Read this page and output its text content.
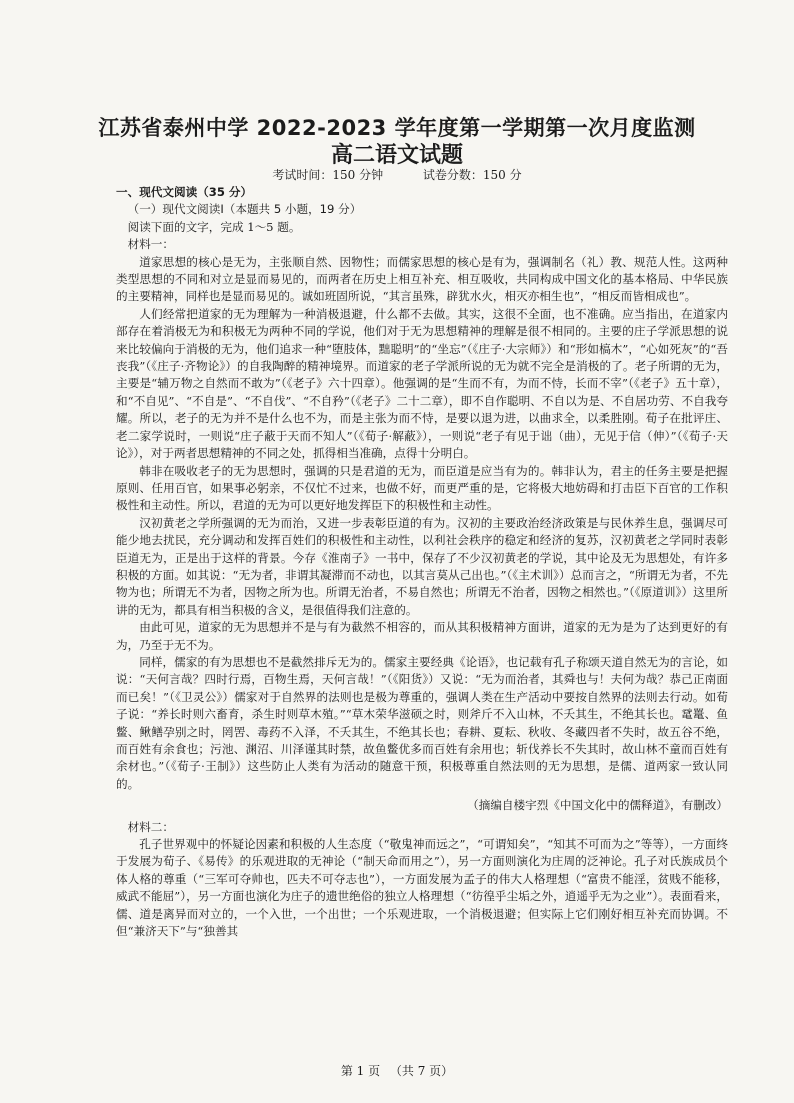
江苏省泰州中学 2022-2023 学年度第一学期第一次月度监测
高二语文试题
考试时间：150 分钟	试卷分数：150 分

一、现代文阅读（35 分）

（一）现代文阅读Ⅰ（本题共 5 小题，19 分）

阅读下面的文字，完成 1～5 题。

材料一：

道家思想的核心是无为，主张顺自然、因物性；而儒家思想的核心是有为，强调制名（礼）教、规范人性。这两种类型思想的不同和对立是显而易见的，而两者在历史上相互补充、相互吸收，共同构成中国文化的基本格局、中华民族的主要精神，同样也是显而易见的。诚如班固所说，“其言虽殊，辟犹水火，相灭亦相生也”，“相反而皆相成也”。

人们经常把道家的无为理解为一种消极退避，什么都不去做。其实，这很不全面，也不准确。应当指出，在道家内部存在着消极无为和积极无为两种不同的学说，他们对于无为思想精神的理解是很不相同的。主要的庄子学派思想的说来比较偏向于消极的无为，他们追求一种“堕肢体，黜聪明”的“坐忘”（《庄子·大宗师》）和“形如槁木”，“心如死灰”的“吾丧我”（《庄子·齐物论》）的自我陶醉的精神境界。而道家的老子学派所说的无为就不完全是消极的了。老子所谓的无为，主要是“辅万物之自然而不敢为”（《老子》六十四章）。他强调的是“生而不有，为而不恃，长而不宰”（《老子》五十章），和“不自见”、“不自是”、“不自伐”、“不自矜”（《老子》二十二章），即不自作聪明、不自以为是、不自居功劳、不自我夸耀。所以，老子的无为并不是什么也不为，而是主张为而不恃，是要以退为进，以曲求全，以柔胜刚。荀子在批评庄、老二家学说时，一则说“庄子蔽于天而不知人”（《荀子·解蔽》），一则说“老子有见于诎（曲），无见于信（伸）”（《荀子·天论》），对于两者思想精神的不同之处，抓得相当准确，点得十分明白。

韩非在吸收老子的无为思想时，强调的只是君道的无为，而臣道是应当有为的。韩非认为，君主的任务主要是把握原则、任用百官，如果事必躬亲，不仅忙不过来，也做不好，而更严重的是，它将极大地妨碍和打击臣下百官的工作积极性和主动性。所以，君道的无为可以更好地发挥臣下的积极性和主动性。

汉初黄老之学所强调的无为而治，又进一步表彰臣道的有为。汉初的主要政治经济政策是与民休养生息，强调尽可能少地去扰民，充分调动和发挥百姓们的积极性和主动性，以利社会秩序的稳定和经济的复苏，汉初黄老之学同时表彰臣道无为，正是出于这样的背景。今存《淮南子》一书中，保存了不少汉初黄老的学说，其中论及无为思想处，有许多积极的方面。如其说：“无为者，非谓其凝滞而不动也，以其言莫从己出也。”（《主术训》）总而言之，“所谓无为者，不先物为也；所谓无不为者，因物之所为也。所谓无治者，不易自然也；所谓无不治者，因物之相然也。”（《原道训》）这里所讲的无为，都具有相当积极的含义，是很值得我们注意的。

由此可见，道家的无为思想并不是与有为截然不相容的，而从其积极精神方面讲，道家的无为是为了达到更好的有为，乃至于无不为。

同样，儒家的有为思想也不是截然排斥无为的。儒家主要经典《论语》，也记载有孔子称颂天道自然无为的言论，如说：“天何言哉？四时行焉，百物生焉，天何言哉！”（《阳货》）又说：“无为而治者，其舜也与！夫何为哉？恭己正南面而已矣！”（《卫灵公》）儒家对于自然界的法则也是极为尊重的，强调人类在生产活动中要按自然界的法则去行动。如荀子说：“养长时则六畜育，杀生时则草木殖。”“草木荣华滋硕之时，则斧斤不入山林，不夭其生，不绝其长也。鼋鼍、鱼鳖、鳅鳝孕别之时，罔罟、毒药不入泽，不夭其生，不绝其长也；春耕、夏耘、秋收、冬藏四者不失时，故五谷不绝，而百姓有余食也；污池、渊沼、川泽谨其时禁，故鱼鳖优多而百姓有余用也；斩伐养长不失其时，故山林不童而百姓有余材也。”（《荀子·王制》）这些防止人类有为活动的随意干预，积极尊重自然法则的无为思想，是儒、道两家一致认同的。

（摘编自楼宇烈《中国文化中的儒释道》，有删改）

材料二：

孔子世界观中的怀疑论因素和积极的人生态度（“敬鬼神而远之”，“可谓知矣”，“知其不可而为之”等等），一方面终于发展为荀子、《易传》的乐观进取的无神论（“制天命而用之”），另一方面则演化为庄周的泛神论。孔子对氏族成员个体人格的尊重（“三军可夺帅也，匹夫不可夺志也”），一方面发展为孟子的伟大人格理想（“富贵不能淫，贫贱不能移，威武不能屈”），另一方面也演化为庄子的遗世绝俗的独立人格理想（“彷徨乎尘垢之外，逍遥乎无为之业”）。表面看来，儒、道是离异而对立的，一个入世，一个出世；一个乐观进取，一个消极退避；但实际上它们刚好相互补充而协调。不但“兼济天下”与“独善其

第 1 页 （共 7 页）
